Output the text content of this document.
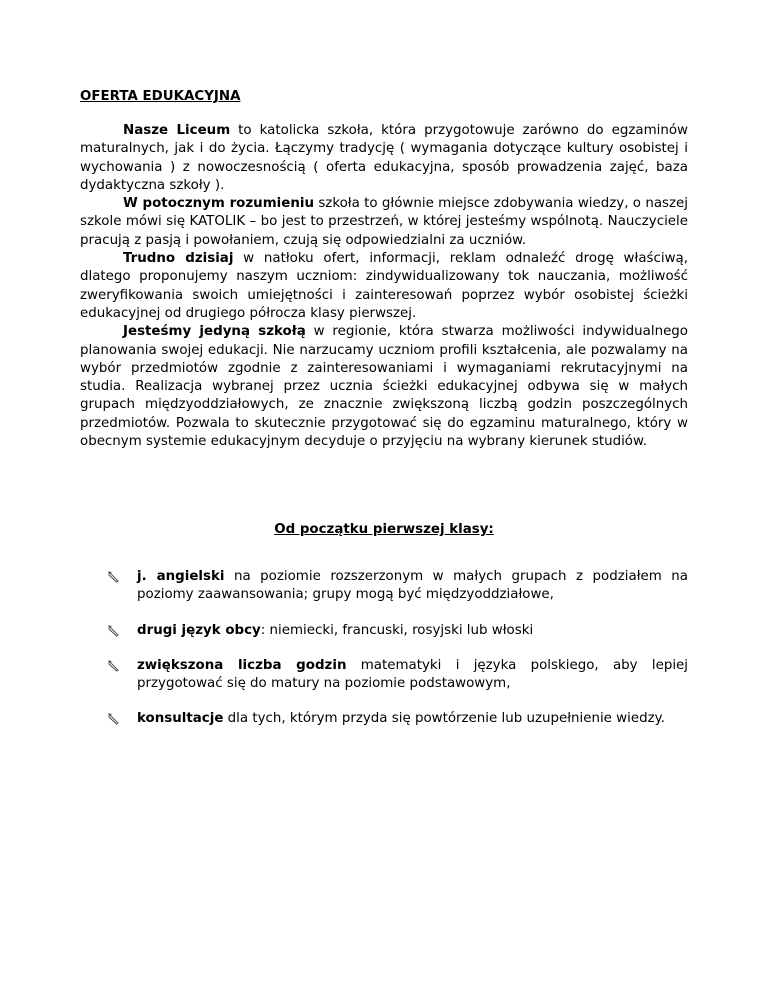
OFERTA EDUKACYJNA

Nasze Liceum to katolicka szkoła, która przygotowuje zarówno do egzaminów maturalnych, jak i do życia. Łączymy tradycję ( wymagania dotyczące kultury osobistej i wychowania ) z nowoczesnością ( oferta edukacyjna, sposób prowadzenia zajęć, baza dydaktyczna szkoły ).

W potocznym rozumieniu szkoła to głównie miejsce zdobywania wiedzy, o naszej szkole mówi się KATOLIK – bo jest to przestrzeń, w której jesteśmy wspólnotą. Nauczyciele pracują z pasją i powołaniem, czują się odpowiedzialni za uczniów.

Trudno dzisiaj w natłoku ofert, informacji, reklam odnaleźć drogę właściwą, dlatego proponujemy naszym uczniom: zindywidualizowany tok nauczania, możliwość zweryfikowania swoich umiejętności i zainteresowań poprzez wybór osobistej ścieżki edukacyjnej od drugiego półrocza klasy pierwszej.

Jesteśmy jedyną szkołą w regionie, która stwarza możliwości indywidualnego planowania swojej edukacji. Nie narzucamy uczniom profili kształcenia, ale pozwalamy na wybór przedmiotów zgodnie z zainteresowaniami i wymaganiami rekrutacyjnymi na studia. Realizacja wybranej przez ucznia ścieżki edukacyjnej odbywa się w małych grupach międzyoddziałowych, ze znacznie zwiększoną liczbą godzin poszczególnych przedmiotów. Pozwala to skutecznie przygotować się do egzaminu maturalnego, który w obecnym systemie edukacyjnym decyduje o przyjęciu na wybrany kierunek studiów.

Od początku pierwszej klasy:
j. angielski na poziomie rozszerzonym w małych grupach z podziałem na poziomy zaawansowania; grupy mogą być międzyoddziałowe,
drugi język obcy: niemiecki, francuski, rosyjski lub włoski
zwiększona liczba godzin matematyki i języka polskiego, aby lepiej przygotować się do matury na poziomie podstawowym,
konsultacje dla tych, którym przyda się powtórzenie lub uzupełnienie wiedzy.
